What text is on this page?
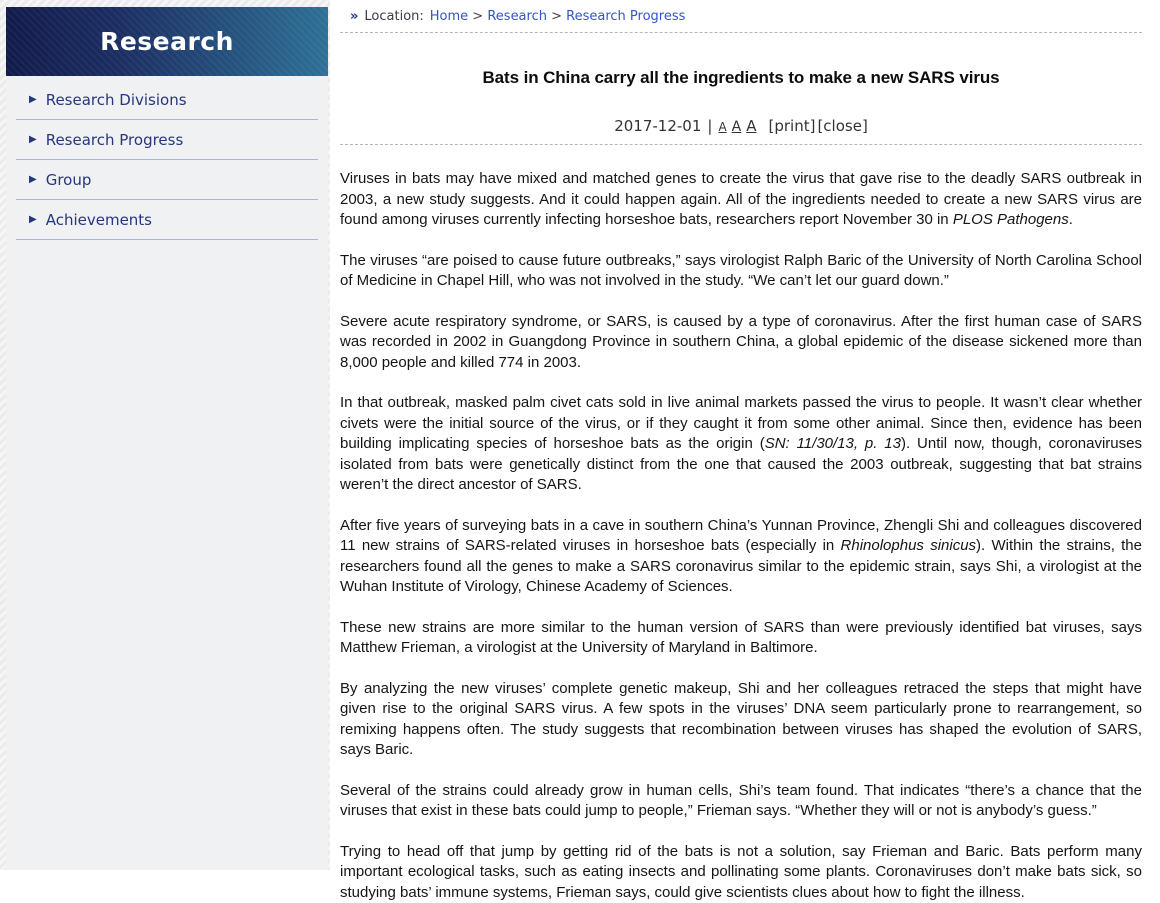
Research
▶ Research Divisions
▶ Research Progress
▶ Group
▶ Achievements
» Location: Home > Research > Research Progress
Bats in China carry all the ingredients to make a new SARS virus
2017-12-01 | A A A [print] [close]

Viruses in bats may have mixed and matched genes to create the virus that gave rise to the deadly SARS outbreak in 2003, a new study suggests. And it could happen again. All of the ingredients needed to create a new SARS virus are found among viruses currently infecting horseshoe bats, researchers report November 30 in PLOS Pathogens.

The viruses “are poised to cause future outbreaks,” says virologist Ralph Baric of the University of North Carolina School of Medicine in Chapel Hill, who was not involved in the study. “We can’t let our guard down.”

Severe acute respiratory syndrome, or SARS, is caused by a type of coronavirus. After the first human case of SARS was recorded in 2002 in Guangdong Province in southern China, a global epidemic of the disease sickened more than 8,000 people and killed 774 in 2003.

In that outbreak, masked palm civet cats sold in live animal markets passed the virus to people. It wasn’t clear whether civets were the initial source of the virus, or if they caught it from some other animal. Since then, evidence has been building implicating species of horseshoe bats as the origin (SN: 11/30/13, p. 13). Until now, though, coronaviruses isolated from bats were genetically distinct from the one that caused the 2003 outbreak, suggesting that bat strains weren’t the direct ancestor of SARS.

After five years of surveying bats in a cave in southern China’s Yunnan Province, Zhengli Shi and colleagues discovered 11 new strains of SARS-related viruses in horseshoe bats (especially in Rhinolophus sinicus). Within the strains, the researchers found all the genes to make a SARS coronavirus similar to the epidemic strain, says Shi, a virologist at the Wuhan Institute of Virology, Chinese Academy of Sciences.

These new strains are more similar to the human version of SARS than were previously identified bat viruses, says Matthew Frieman, a virologist at the University of Maryland in Baltimore.

By analyzing the new viruses’ complete genetic makeup, Shi and her colleagues retraced the steps that might have given rise to the original SARS virus. A few spots in the viruses’ DNA seem particularly prone to rearrangement, so remixing happens often. The study suggests that recombination between viruses has shaped the evolution of SARS, says Baric.

Several of the strains could already grow in human cells, Shi’s team found. That indicates “there’s a chance that the viruses that exist in these bats could jump to people,” Frieman says. “Whether they will or not is anybody’s guess.”

Trying to head off that jump by getting rid of the bats is not a solution, say Frieman and Baric. Bats perform many important ecological tasks, such as eating insects and pollinating some plants. Coronaviruses don’t make bats sick, so studying bats’ immune systems, Frieman says, could give scientists clues about how to fight the illness.
